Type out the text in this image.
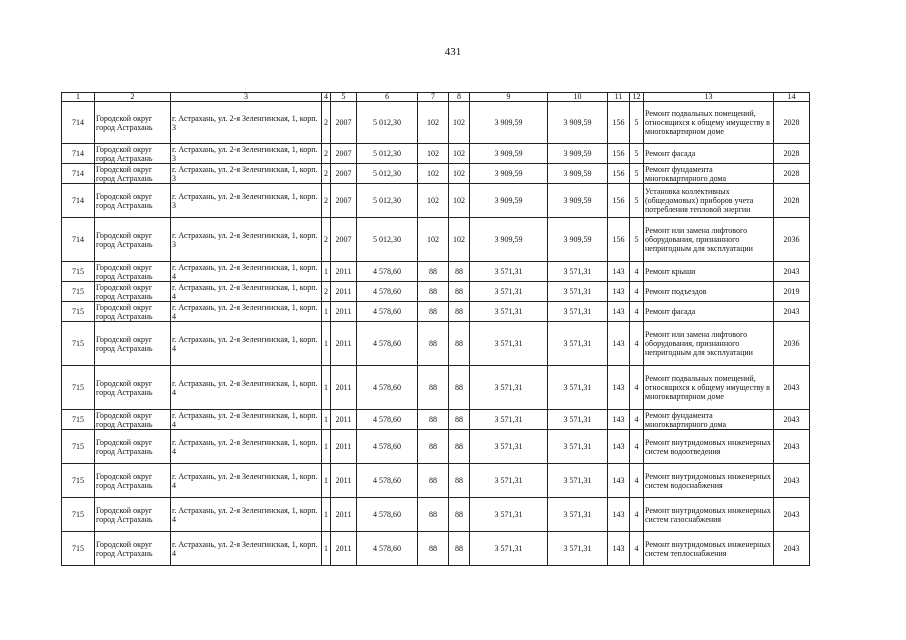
431
1	2	3	4	5	6	7	8	9	10	11	12	13	14
714	Городской округ город Астрахань	г. Астрахань, ул. 2-я Зеленгинская, 1, корп. 3	2	2007	5 012,30	102	102	3 909,59	3 909,59	156	5	Ремонт подвальных помещений, относящихся к общему имуществу в многоквартирном доме	2028
714	Городской округ город Астрахань	г. Астрахань, ул. 2-я Зеленгинская, 1, корп. 3	2	2007	5 012,30	102	102	3 909,59	3 909,59	156	5	Ремонт фасада	2028
714	Городской округ город Астрахань	г. Астрахань, ул. 2-я Зеленгинская, 1, корп. 3	2	2007	5 012,30	102	102	3 909,59	3 909,59	156	5	Ремонт фундамента многоквартирного дома	2028
714	Городской округ город Астрахань	г. Астрахань, ул. 2-я Зеленгинская, 1, корп. 3	2	2007	5 012,30	102	102	3 909,59	3 909,59	156	5	Установка коллективных (общедомовых) приборов учета потребления тепловой энергии	2028
714	Городской округ город Астрахань	г. Астрахань, ул. 2-я Зеленгинская, 1, корп. 3	2	2007	5 012,30	102	102	3 909,59	3 909,59	156	5	Ремонт или замена лифтового оборудования, признанного непригодным для эксплуатации	2036
715	Городской округ город Астрахань	г. Астрахань, ул. 2-я Зеленгинская, 1, корп. 4	1	2011	4 578,60	88	88	3 571,31	3 571,31	143	4	Ремонт крыши	2043
715	Городской округ город Астрахань	г. Астрахань, ул. 2-я Зеленгинская, 1, корп. 4	2	2011	4 578,60	88	88	3 571,31	3 571,31	143	4	Ремонт подъездов	2019
715	Городской округ город Астрахань	г. Астрахань, ул. 2-я Зеленгинская, 1, корп. 4	1	2011	4 578,60	88	88	3 571,31	3 571,31	143	4	Ремонт фасада	2043
715	Городской округ город Астрахань	г. Астрахань, ул. 2-я Зеленгинская, 1, корп. 4	1	2011	4 578,60	88	88	3 571,31	3 571,31	143	4	Ремонт или замена лифтового оборудования, признанного непригодным для эксплуатации	2036
715	Городской округ город Астрахань	г. Астрахань, ул. 2-я Зеленгинская, 1, корп. 4	1	2011	4 578,60	88	88	3 571,31	3 571,31	143	4	Ремонт подвальных помещений, относящихся к общему имуществу в многоквартирном доме	2043
715	Городской округ город Астрахань	г. Астрахань, ул. 2-я Зеленгинская, 1, корп. 4	1	2011	4 578,60	88	88	3 571,31	3 571,31	143	4	Ремонт фундамента многоквартирного дома	2043
715	Городской округ город Астрахань	г. Астрахань, ул. 2-я Зеленгинская, 1, корп. 4	1	2011	4 578,60	88	88	3 571,31	3 571,31	143	4	Ремонт внутридомовых инженерных систем водоотведения	2043
715	Городской округ город Астрахань	г. Астрахань, ул. 2-я Зеленгинская, 1, корп. 4	1	2011	4 578,60	88	88	3 571,31	3 571,31	143	4	Ремонт внутридомовых инженерных систем водоснабжения	2043
715	Городской округ город Астрахань	г. Астрахань, ул. 2-я Зеленгинская, 1, корп. 4	1	2011	4 578,60	88	88	3 571,31	3 571,31	143	4	Ремонт внутридомовых инженерных систем газоснабжения	2043
715	Городской округ город Астрахань	г. Астрахань, ул. 2-я Зеленгинская, 1, корп. 4	1	2011	4 578,60	88	88	3 571,31	3 571,31	143	4	Ремонт внутридомовых инженерных систем теплоснабжения	2043
